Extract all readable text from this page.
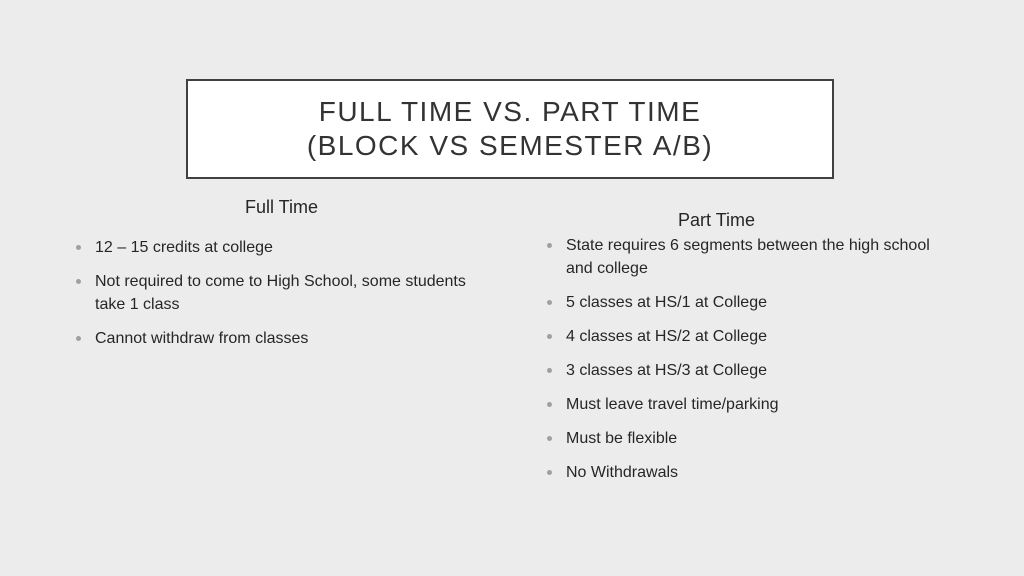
FULL TIME VS. PART TIME
(BLOCK VS SEMESTER A/B)
Full Time
Part Time
12 – 15 credits at college
Not required to come to High School, some students take 1 class
Cannot withdraw from classes
State requires 6 segments between the high school and college
5 classes at HS/1 at College
4 classes at HS/2 at College
3 classes at HS/3 at College
Must leave travel time/parking
Must be flexible
No Withdrawals
